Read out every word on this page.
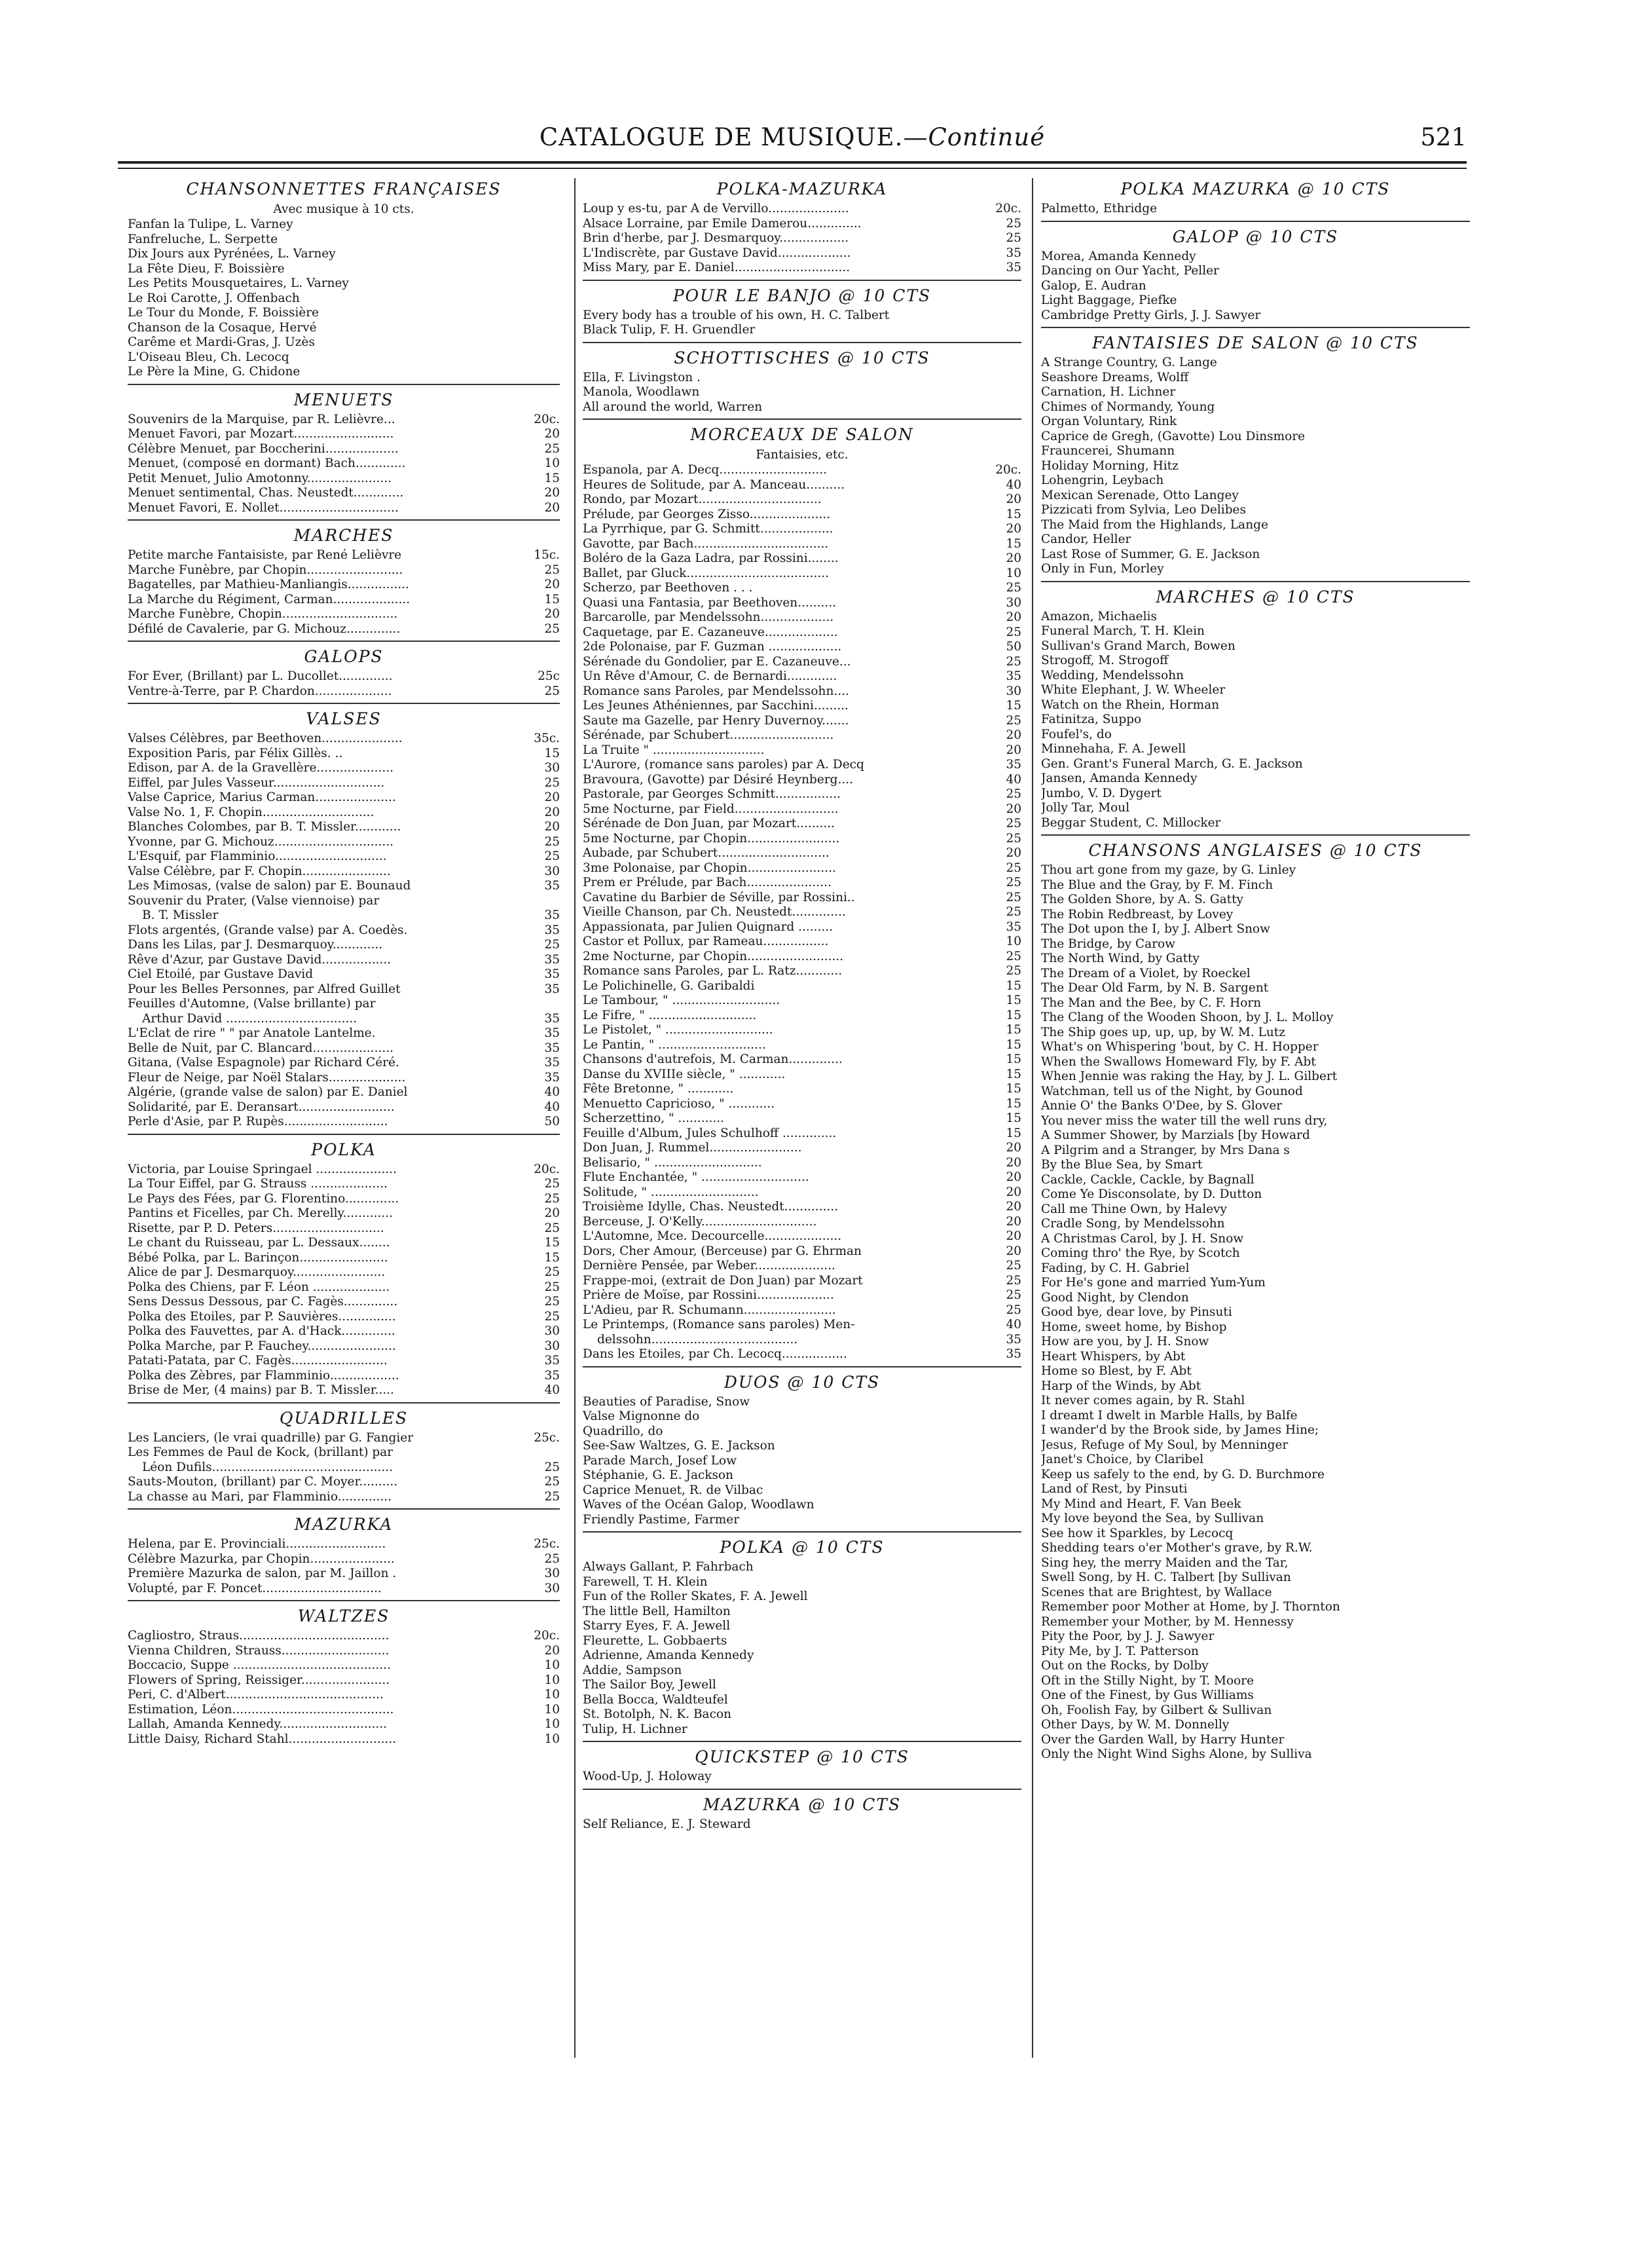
CATALOGUE DE MUSIQUE.—Continué	521
CHANSONNETTES FRANÇAISES
Avec musique à 10 cts.
Fanfan la Tulipe, L. Varney
Fanfreluche, L. Serpette
Dix Jours aux Pyrénées, L. Varney
La Fête Dieu, F. Boissière
Les Petits Mousquetaires, L. Varney
Le Roi Carotte, J. Offenbach
Le Tour du Monde, F. Boissière
Chanson de la Cosaque, Hervé
Carême et Mardi-Gras, J. Uzès
L'Oiseau Bleu, Ch. Lecocq
Le Père la Mine, G. Chidone
MENUETS
Souvenirs de la Marquise, par R. Lelièvre...	20c.
Menuet Favori, par Mozart..........................	20
Célèbre Menuet, par Boccherini...................	25
Menuet, (composé en dormant) Bach.............	10
Petit Menuet, Julio Amotonny......................	15
Menuet sentimental, Chas. Neustedt.............	20
Menuet Favori, E. Nollet...............................	20
MARCHES
Petite marche Fantaisiste, par René Lelièvre	15c.
Marche Funèbre, par Chopin.........................	25
Bagatelles, par Mathieu-Manliangis................	20
La Marche du Régiment, Carman....................	15
Marche Funèbre, Chopin..............................	20
Défilé de Cavalerie, par G. Michouz..............	25
GALOPS
For Ever, (Brillant) par L. Ducollet..............	25c
Ventre-à-Terre, par P. Chardon....................	25
VALSES
Valses Célèbres, par Beethoven.....................	35c.
Exposition Paris, par Félix Gillès. ..	15
Edison, par A. de la Gravellère....................	30
Eiffel, par Jules Vasseur.............................	25
Valse Caprice, Marius Carman.....................	20
Valse No. 1, F. Chopin.............................	20
Blanches Colombes, par B. T. Missler............	20
Yvonne, par G. Michouz...............................	25
L'Esquif, par Flamminio.............................	25
Valse Célèbre, par F. Chopin.......................	30
Les Mimosas, (valse de salon) par E. Bounaud	35
Souvenir du Prater, (Valse viennoise) par
B. T. Missler	35
Flots argentés, (Grande valse) par A. Coedès.	35
Dans les Lilas, par J. Desmarquoy.............	25
Rêve d'Azur, par Gustave David..................	35
Ciel Etoilé, par Gustave David	35
Pour les Belles Personnes, par Alfred Guillet	35
Feuilles d'Automne, (Valse brillante) par
Arthur David ..................................	35
L'Eclat de rire " " par Anatole Lantelme.	35
Belle de Nuit, par C. Blancard.....................	35
Gitana, (Valse Espagnole) par Richard Céré.	35
Fleur de Neige, par Noël Stalars....................	35
Algérie, (grande valse de salon) par E. Daniel	40
Solidarité, par E. Deransart.........................	40
Perle d'Asie, par P. Rupès...........................	50
POLKA
Victoria, par Louise Springael .....................	20c.
La Tour Eiffel, par G. Strauss ....................	25
Le Pays des Fées, par G. Florentino..............	25
Pantins et Ficelles, par Ch. Merelly.............	20
Risette, par P. D. Peters.............................	25
Le chant du Ruisseau, par L. Dessaux........	15
Bébé Polka, par L. Barinçon.......................	15
Alice de par J. Desmarquoy........................	25
Polka des Chiens, par F. Léon ....................	25
Sens Dessus Dessous, par C. Fagès..............	25
Polka des Etoiles, par P. Sauvières...............	25
Polka des Fauvettes, par A. d'Hack..............	30
Polka Marche, par P. Fauchey.......................	30
Patati-Patata, par C. Fagès.........................	35
Polka des Zèbres, par Flamminio..................	35
Brise de Mer, (4 mains) par B. T. Missler.....	40
QUADRILLES
Les Lanciers, (le vrai quadrille) par G. Fangier	25c.
Les Femmes de Paul de Kock, (brillant) par
Léon Dufils...............................................	25
Sauts-Mouton, (brillant) par C. Moyer..........	25
La chasse au Mari, par Flamminio..............	25
MAZURKA
Helena, par E. Provinciali..........................	25c.
Célèbre Mazurka, par Chopin......................	25
Première Mazurka de salon, par M. Jaillon .	30
Volupté, par F. Poncet...............................	30
WALTZES
Cagliostro, Straus.......................................	20c.
Vienna Children, Strauss............................	20
Boccacio, Suppe .........................................	10
Flowers of Spring, Reissiger.......................	10
Peri, C. d'Albert.........................................	10
Estimation, Léon..........................................	10
Lallah, Amanda Kennedy............................	10
Little Daisy, Richard Stahl............................	10
POLKA-MAZURKA
Loup y es-tu, par A de Vervillo.....................	20c.
Alsace Lorraine, par Emile Damerou..............	25
Brin d'herbe, par J. Desmarquoy..................	25
L'Indiscrète, par Gustave David...................	35
Miss Mary, par E. Daniel..............................	35
POUR LE BANJO @ 10 CTS
Every body has a trouble of his own, H. C. Talbert
Black Tulip, F. H. Gruendler
SCHOTTISCHES @ 10 CTS
Ella, F. Livingston .
Manola, Woodlawn
All around the world, Warren
MORCEAUX DE SALON
Fantaisies, etc.
Espanola, par A. Decq............................	20c.
Heures de Solitude, par A. Manceau..........	40
Rondo, par Mozart................................	20
Prélude, par Georges Zisso.....................	15
La Pyrrhique, par G. Schmitt...................	20
Gavotte, par Bach...................................	15
Boléro de la Gaza Ladra, par Rossini........	20
Ballet, par Gluck.....................................	10
Scherzo, par Beethoven . . .	25
Quasi una Fantasia, par Beethoven..........	30
Barcarolle, par Mendelssohn...................	20
Caquetage, par E. Cazaneuve...................	25
2de Polonaise, par F. Guzman ...................	50
Sérénade du Gondolier, par E. Cazaneuve...	25
Un Rêve d'Amour, C. de Bernardi.............	35
Romance sans Paroles, par Mendelssohn....	30
Les Jeunes Athéniennes, par Sacchini.........	15
Saute ma Gazelle, par Henry Duvernoy.......	25
Sérénade, par Schubert...........................	20
La Truite " .............................	20
L'Aurore, (romance sans paroles) par A. Decq	35
Bravoura, (Gavotte) par Désiré Heynberg....	40
Pastorale, par Georges Schmitt.................	25
5me Nocturne, par Field...........................	20
Sérénade de Don Juan, par Mozart..........	25
5me Nocturne, par Chopin........................	25
Aubade, par Schubert.............................	20
3me Polonaise, par Chopin.......................	25
Prem er Prélude, par Bach......................	25
Cavatine du Barbier de Séville, par Rossini..	25
Vieille Chanson, par Ch. Neustedt..............	25
Appassionata, par Julien Quignard .........	35
Castor et Pollux, par Rameau.................	10
2me Nocturne, par Chopin.........................	25
Romance sans Paroles, par L. Ratz............	25
Le Polichinelle, G. Garibaldi	15
Le Tambour, " ............................	15
Le Fifre, " ............................	15
Le Pistolet, " ............................	15
Le Pantin, " ............................	15
Chansons d'autrefois, M. Carman..............	15
Danse du XVIIIe siècle, " ............	15
Fête Bretonne, " ............	15
Menuetto Capricioso, " ............	15
Scherzettino, " ............	15
Feuille d'Album, Jules Schulhoff ..............	15
Don Juan, J. Rummel........................	20
Belisario, " ............................	20
Flute Enchantée, " ............................	20
Solitude, " ............................	20
Troisième Idylle, Chas. Neustedt..............	20
Berceuse, J. O'Kelly..............................	20
L'Automne, Mce. Decourcelle....................	20
Dors, Cher Amour, (Berceuse) par G. Ehrman	20
Dernière Pensée, par Weber.....................	25
Frappe-moi, (extrait de Don Juan) par Mozart	25
Prière de Moïse, par Rossini....................	25
L'Adieu, par R. Schumann........................	25
Le Printemps, (Romance sans paroles) Men-	40
delssohn......................................	35
Dans les Etoiles, par Ch. Lecocq.................	35
DUOS @ 10 CTS
Beauties of Paradise, Snow
Valse Mignonne do
Quadrillo, do
See-Saw Waltzes, G. E. Jackson
Parade March, Josef Low
Stéphanie, G. E. Jackson
Caprice Menuet, R. de Vilbac
Waves of the Océan Galop, Woodlawn
Friendly Pastime, Farmer
POLKA @ 10 CTS
Always Gallant, P. Fahrbach
Farewell, T. H. Klein
Fun of the Roller Skates, F. A. Jewell
The little Bell, Hamilton
Starry Eyes, F. A. Jewell
Fleurette, L. Gobbaerts
Adrienne, Amanda Kennedy
Addie, Sampson
The Sailor Boy, Jewell
Bella Bocca, Waldteufel
St. Botolph, N. K. Bacon
Tulip, H. Lichner
QUICKSTEP @ 10 CTS
Wood-Up, J. Holoway
MAZURKA @ 10 CTS
Self Reliance, E. J. Steward
POLKA MAZURKA @ 10 CTS
Palmetto, Ethridge
GALOP @ 10 CTS
Morea, Amanda Kennedy
Dancing on Our Yacht, Peller
Galop, E. Audran
Light Baggage, Piefke
Cambridge Pretty Girls, J. J. Sawyer
FANTAISIES DE SALON @ 10 CTS
A Strange Country, G. Lange
Seashore Dreams, Wolff
Carnation, H. Lichner
Chimes of Normandy, Young
Organ Voluntary, Rink
Caprice de Gregh, (Gavotte) Lou Dinsmore
Frauncerei, Shumann
Holiday Morning, Hitz
Lohengrin, Leybach
Mexican Serenade, Otto Langey
Pizzicati from Sylvia, Leo Delibes
The Maid from the Highlands, Lange
Candor, Heller
Last Rose of Summer, G. E. Jackson
Only in Fun, Morley
MARCHES @ 10 CTS
Amazon, Michaelis
Funeral March, T. H. Klein
Sullivan's Grand March, Bowen
Strogoff, M. Strogoff
Wedding, Mendelssohn
White Elephant, J. W. Wheeler
Watch on the Rhein, Horman
Fatinitza, Suppo
Foufel's, do
Minnehaha, F. A. Jewell
Gen. Grant's Funeral March, G. E. Jackson
Jansen, Amanda Kennedy
Jumbo, V. D. Dygert
Jolly Tar, Moul
Beggar Student, C. Millocker
CHANSONS ANGLAISES @ 10 CTS
Thou art gone from my gaze, by G. Linley
The Blue and the Gray, by F. M. Finch
The Golden Shore, by A. S. Gatty
The Robin Redbreast, by Lovey
The Dot upon the I, by J. Albert Snow
The Bridge, by Carow
The North Wind, by Gatty
The Dream of a Violet, by Roeckel
The Dear Old Farm, by N. B. Sargent
The Man and the Bee, by C. F. Horn
The Clang of the Wooden Shoon, by J. L. Molloy
The Ship goes up, up, up, by W. M. Lutz
What's on Whispering 'bout, by C. H. Hopper
When the Swallows Homeward Fly, by F. Abt
When Jennie was raking the Hay, by J. L. Gilbert
Watchman, tell us of the Night, by Gounod
Annie O' the Banks O'Dee, by S. Glover
You never miss the water till the well runs dry,
A Summer Shower, by Marzials [by Howard
A Pilgrim and a Stranger, by Mrs Dana s
By the Blue Sea, by Smart
Cackle, Cackle, Cackle, by Bagnall
Come Ye Disconsolate, by D. Dutton
Call me Thine Own, by Halevy
Cradle Song, by Mendelssohn
A Christmas Carol, by J. H. Snow
Coming thro' the Rye, by Scotch
Fading, by C. H. Gabriel
For He's gone and married Yum-Yum
Good Night, by Clendon
Good bye, dear love, by Pinsuti
Home, sweet home, by Bishop
How are you, by J. H. Snow
Heart Whispers, by Abt
Home so Blest, by F. Abt
Harp of the Winds, by Abt
It never comes again, by R. Stahl
I dreamt I dwelt in Marble Halls, by Balfe
I wander'd by the Brook side, by James Hine;
Jesus, Refuge of My Soul, by Menninger
Janet's Choice, by Claribel
Keep us safely to the end, by G. D. Burchmore
Land of Rest, by Pinsuti
My Mind and Heart, F. Van Beek
My love beyond the Sea, by Sullivan
See how it Sparkles, by Lecocq
Shedding tears o'er Mother's grave, by R.W.
Sing hey, the merry Maiden and the Tar,
Swell Song, by H. C. Talbert [by Sullivan
Scenes that are Brightest, by Wallace
Remember poor Mother at Home, by J. Thornton
Remember your Mother, by M. Hennessy
Pity the Poor, by J. J. Sawyer
Pity Me, by J. T. Patterson
Out on the Rocks, by Dolby
Oft in the Stilly Night, by T. Moore
One of the Finest, by Gus Williams
Oh, Foolish Fay, by Gilbert & Sullivan
Other Days, by W. M. Donnelly
Over the Garden Wall, by Harry Hunter
Only the Night Wind Sighs Alone, by Sulliva
